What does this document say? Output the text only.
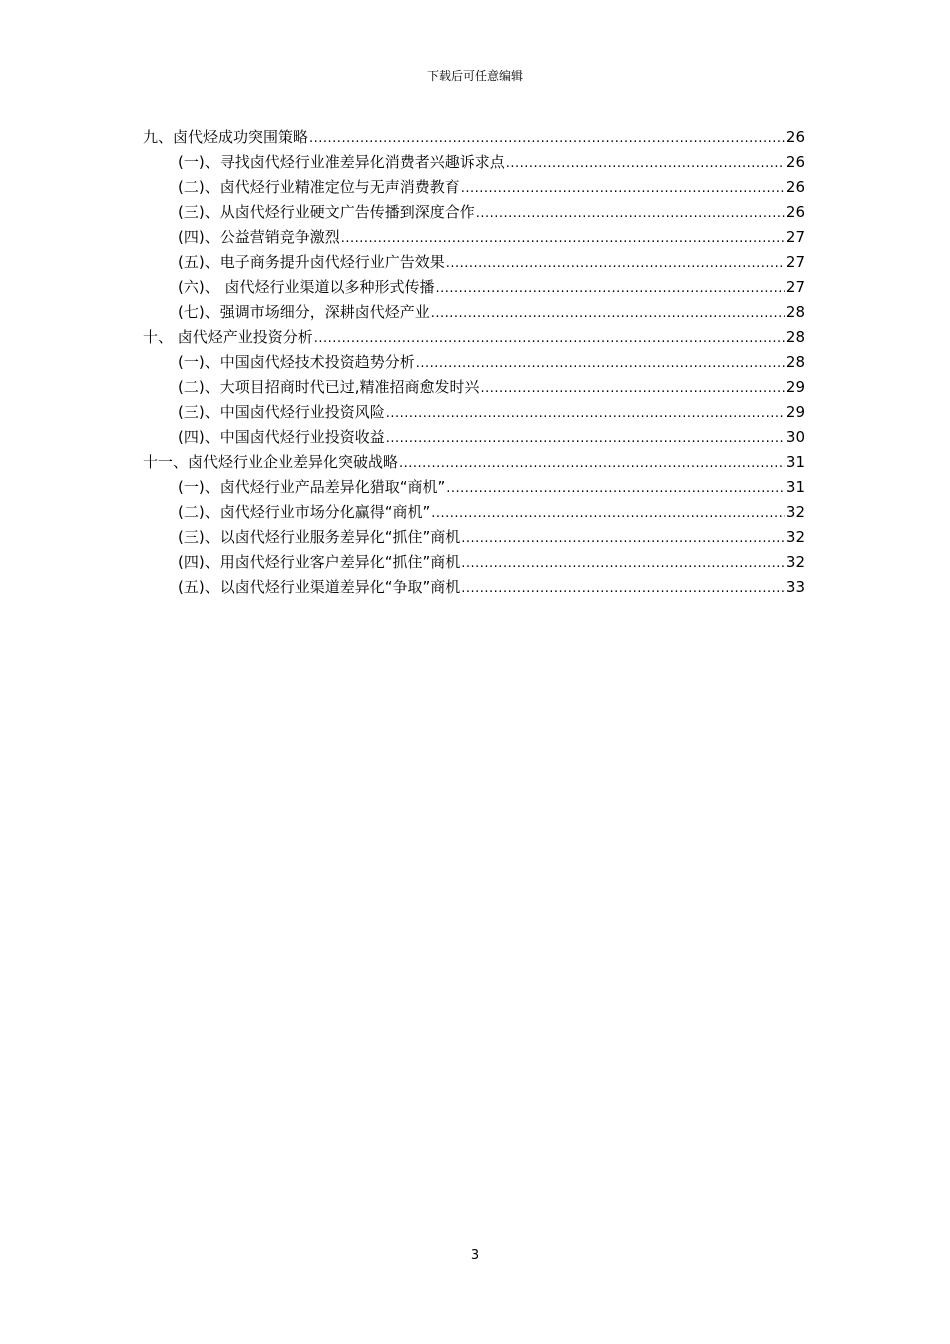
下载后可任意编辑
九、卤代烃成功突围策略 .....	26
(一)、寻找卤代烃行业准差异化消费者兴趣诉求点 .....	26
(二)、卤代烃行业精准定位与无声消费教育 .....	26
(三)、从卤代烃行业硬文广告传播到深度合作 .....	26
(四)、公益营销竞争激烈 .....	27
(五)、电子商务提升卤代烃行业广告效果 .....	27
(六)、 卤代烃行业渠道以多种形式传播 .....	27
(七)、强调市场细分，深耕卤代烃产业 .....	28
十、 卤代烃产业投资分析 .....	28
(一)、中国卤代烃技术投资趋势分析 .....	28
(二)、大项目招商时代已过,精准招商愈发时兴 .....	29
(三)、中国卤代烃行业投资风险 .....	29
(四)、中国卤代烃行业投资收益 .....	30
十一、卤代烃行业企业差异化突破战略 .....	31
(一)、卤代烃行业产品差异化猎取“商机” .....	31
(二)、卤代烃行业市场分化赢得“商机” .....	32
(三)、以卤代烃行业服务差异化“抓住”商机 .....	32
(四)、用卤代烃行业客户差异化“抓住”商机 .....	32
(五)、以卤代烃行业渠道差异化“争取”商机 .....	33
3
